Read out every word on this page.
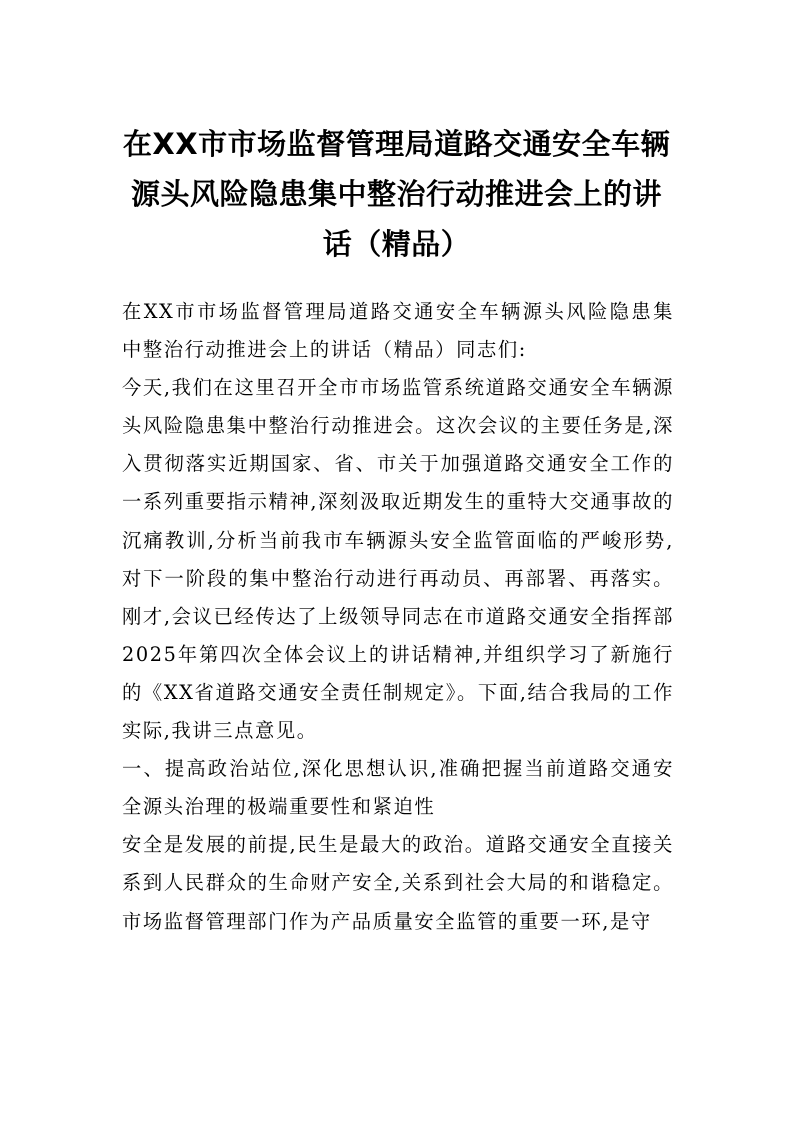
在XX市市场监督管理局道路交通安全车辆源头风险隐患集中整治行动推进会上的讲话（精品）

在XX市市场监督管理局道路交通安全车辆源头风险隐患集中整治行动推进会上的讲话（精品）同志们:

今天,我们在这里召开全市市场监管系统道路交通安全车辆源头风险隐患集中整治行动推进会。这次会议的主要任务是,深入贯彻落实近期国家、省、市关于加强道路交通安全工作的一系列重要指示精神,深刻汲取近期发生的重特大交通事故的沉痛教训,分析当前我市车辆源头安全监管面临的严峻形势,对下一阶段的集中整治行动进行再动员、再部署、再落实。刚才,会议已经传达了上级领导同志在市道路交通安全指挥部2025年第四次全体会议上的讲话精神,并组织学习了新施行的《XX省道路交通安全责任制规定》。下面,结合我局的工作实际,我讲三点意见。

一、提高政治站位,深化思想认识,准确把握当前道路交通安全源头治理的极端重要性和紧迫性

安全是发展的前提,民生是最大的政治。道路交通安全直接关系到人民群众的生命财产安全,关系到社会大局的和谐稳定。市场监督管理部门作为产品质量安全监管的重要一环,是守
